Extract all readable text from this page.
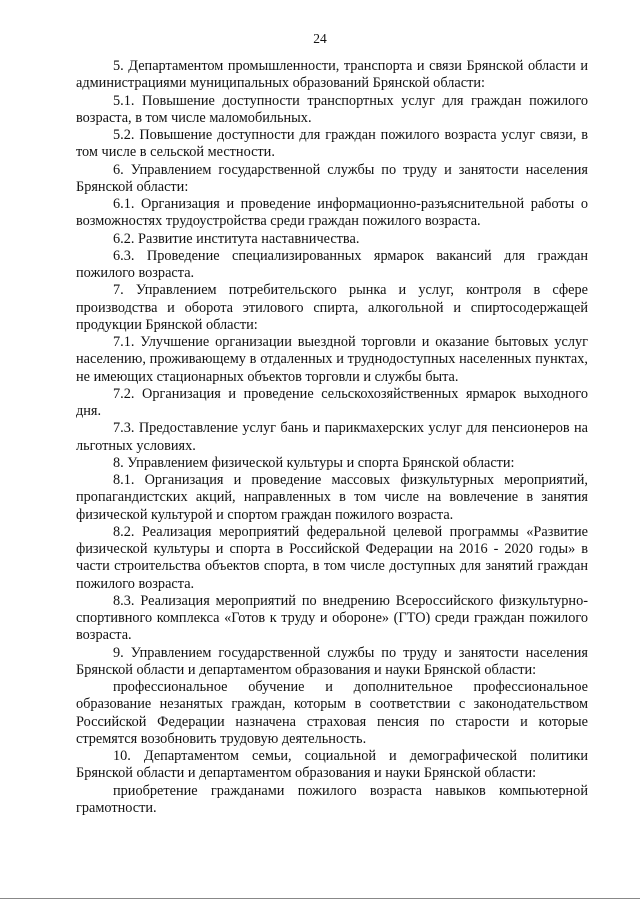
24

5. Департаментом промышленности, транспорта и связи Брянской области и администрациями муниципальных образований Брянской области:

5.1. Повышение доступности транспортных услуг для граждан пожилого возраста, в том числе маломобильных.

5.2. Повышение доступности для граждан пожилого возраста услуг связи, в том числе в сельской местности.

6. Управлением государственной службы по труду и занятости населения Брянской области:

6.1. Организация и проведение информационно-разъяснительной работы о возможностях трудоустройства среди граждан пожилого возраста.

6.2. Развитие института наставничества.

6.3. Проведение специализированных ярмарок вакансий для граждан пожилого возраста.

7. Управлением потребительского рынка и услуг, контроля в сфере производства и оборота этилового спирта, алкогольной и спиртосодержащей продукции Брянской области:

7.1. Улучшение организации выездной торговли и оказание бытовых услуг населению, проживающему в отдаленных и труднодоступных населенных пунктах, не имеющих стационарных объектов торговли и службы быта.

7.2. Организация и проведение сельскохозяйственных ярмарок выходного дня.

7.3. Предоставление услуг бань и парикмахерских услуг для пенсионеров на льготных условиях.

8. Управлением физической культуры и спорта Брянской области:

8.1. Организация и проведение массовых физкультурных мероприятий, пропагандистских акций, направленных в том числе на вовлечение в занятия физической культурой и спортом граждан пожилого возраста.

8.2. Реализация мероприятий федеральной целевой программы «Развитие физической культуры и спорта в Российской Федерации на 2016 - 2020 годы» в части строительства объектов спорта, в том числе доступных для занятий граждан пожилого возраста.

8.3. Реализация мероприятий по внедрению Всероссийского физкультурно-спортивного комплекса «Готов к труду и обороне» (ГТО) среди граждан пожилого возраста.

9. Управлением государственной службы по труду и занятости населения Брянской области и департаментом образования и науки Брянской области:

профессиональное обучение и дополнительное профессиональное образование незанятых граждан, которым в соответствии с законодательством Российской Федерации назначена страховая пенсия по старости и которые стремятся возобновить трудовую деятельность.

10. Департаментом семьи, социальной и демографической политики Брянской области и департаментом образования и науки Брянской области:

приобретение гражданами пожилого возраста навыков компьютерной грамотности.
